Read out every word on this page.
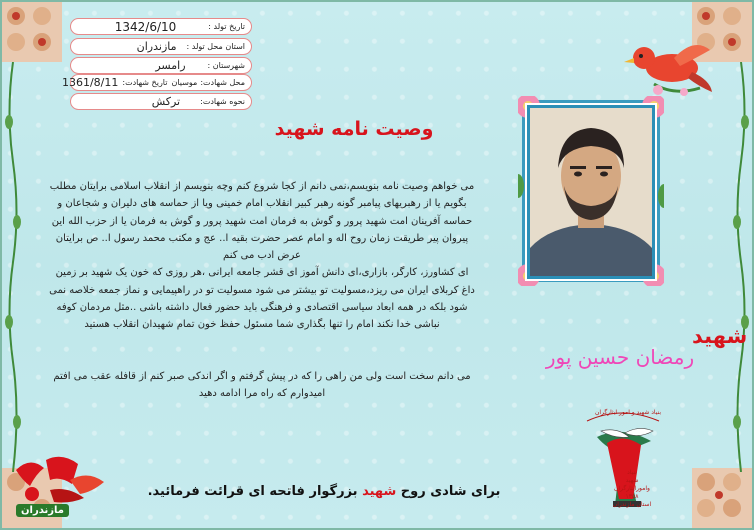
تاریخ تولد :
1342/6/10
استان محل تولد :
مازندران
شهرستان :
رامسر
محل شهادت:
موسیان
تاریخ شهادت:
1361/8/11
نحوه شهادت:
ترکش
وصیت نامه شهید

می خواهم وصیت نامه بنویسم،نمی دانم از کجا شروع کنم وچه بنویسم از انقلاب اسلامی برایتان مطلب

بگویم یا از رهبریهای پیامبر گونه رهبر کبیر انقلاب امام خمینی ویا از حماسه های دلیران و شجاعان و

حماسه آفرینان امت شهید پرور و گوش به فرمان امت شهید پرور و گوش به فرمان یا از حزب الله این

پیروان پیر طریقت زمان روح اله و امام عصر حضرت بقیه ا.. عج و مکتب محمد رسول ا.. ص برایتان

عرض ادب می کنم

ای کشاورز، کارگر، بازاری،ای دانش آموز ای قشر جامعه ایرانی ،هر روزی که خون یک شهید بر زمین

داغ کربلای ایران می ریزد،مسولیت تو بیشتر می شود مسولیت تو در راهپیمایی و نماز جمعه خلاصه نمی

شود بلکه در همه ابعاد سیاسی اقتصادی و فرهنگی باید حضور فعال داشته باشی ..مثل مردمان کوفه

نباشی خدا نکند امام را تنها بگذاری شما مسئول حفظ خون تمام شهیدان انقلاب هستید

می دانم سخت است ولی من راهی را که در پیش گرفتم و اگر اندکی صبر کنم از قافله عقب می افتم

امیدوارم که راه مرا ادامه دهید

شهید
رمضان حسین پور
بنیاد شهید و امور ایثارگران
بنیاد
شهید
وامورایثارگران
۱۳۵۸
استان مازندران
مازندران
برای شادی روح شهید بزرگوار فاتحه ای قرائت فرمائید.
